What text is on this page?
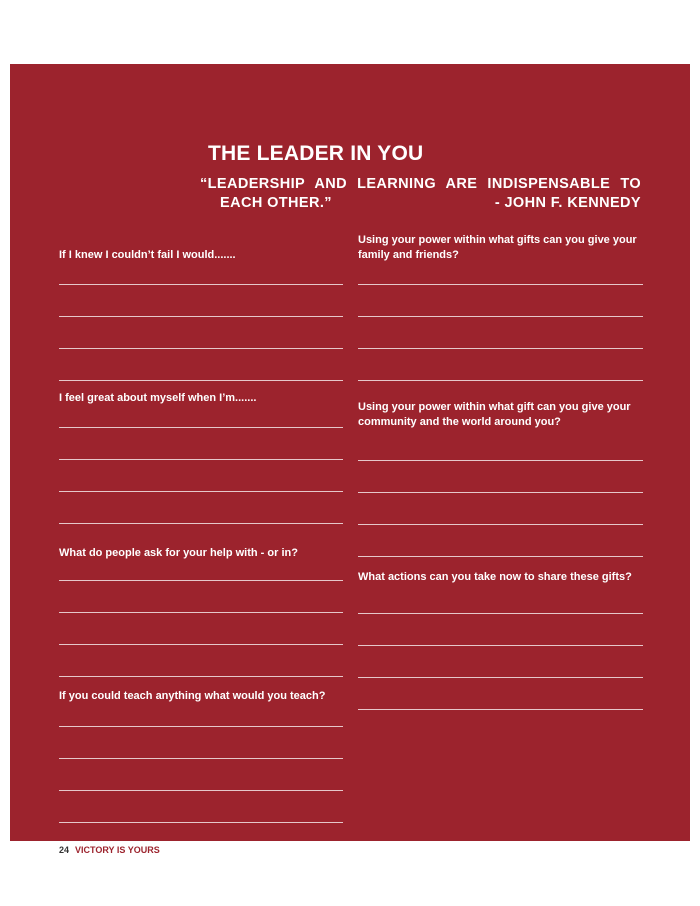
THE LEADER IN YOU
“LEADERSHIP AND LEARNING ARE INDISPENSABLE TO
EACH OTHER.”	- JOHN F. KENNEDY
If I knew I couldn’t fail I would.......
I feel great about myself when I’m.......
What do people ask for your help with - or in?
If you could teach anything what would you teach?
Using your power within what gifts can you give your family and friends?
Using your power within what gift can you give your community and the world around you?
What actions can you take now to share these gifts?
24 VICTORY IS YOURS
